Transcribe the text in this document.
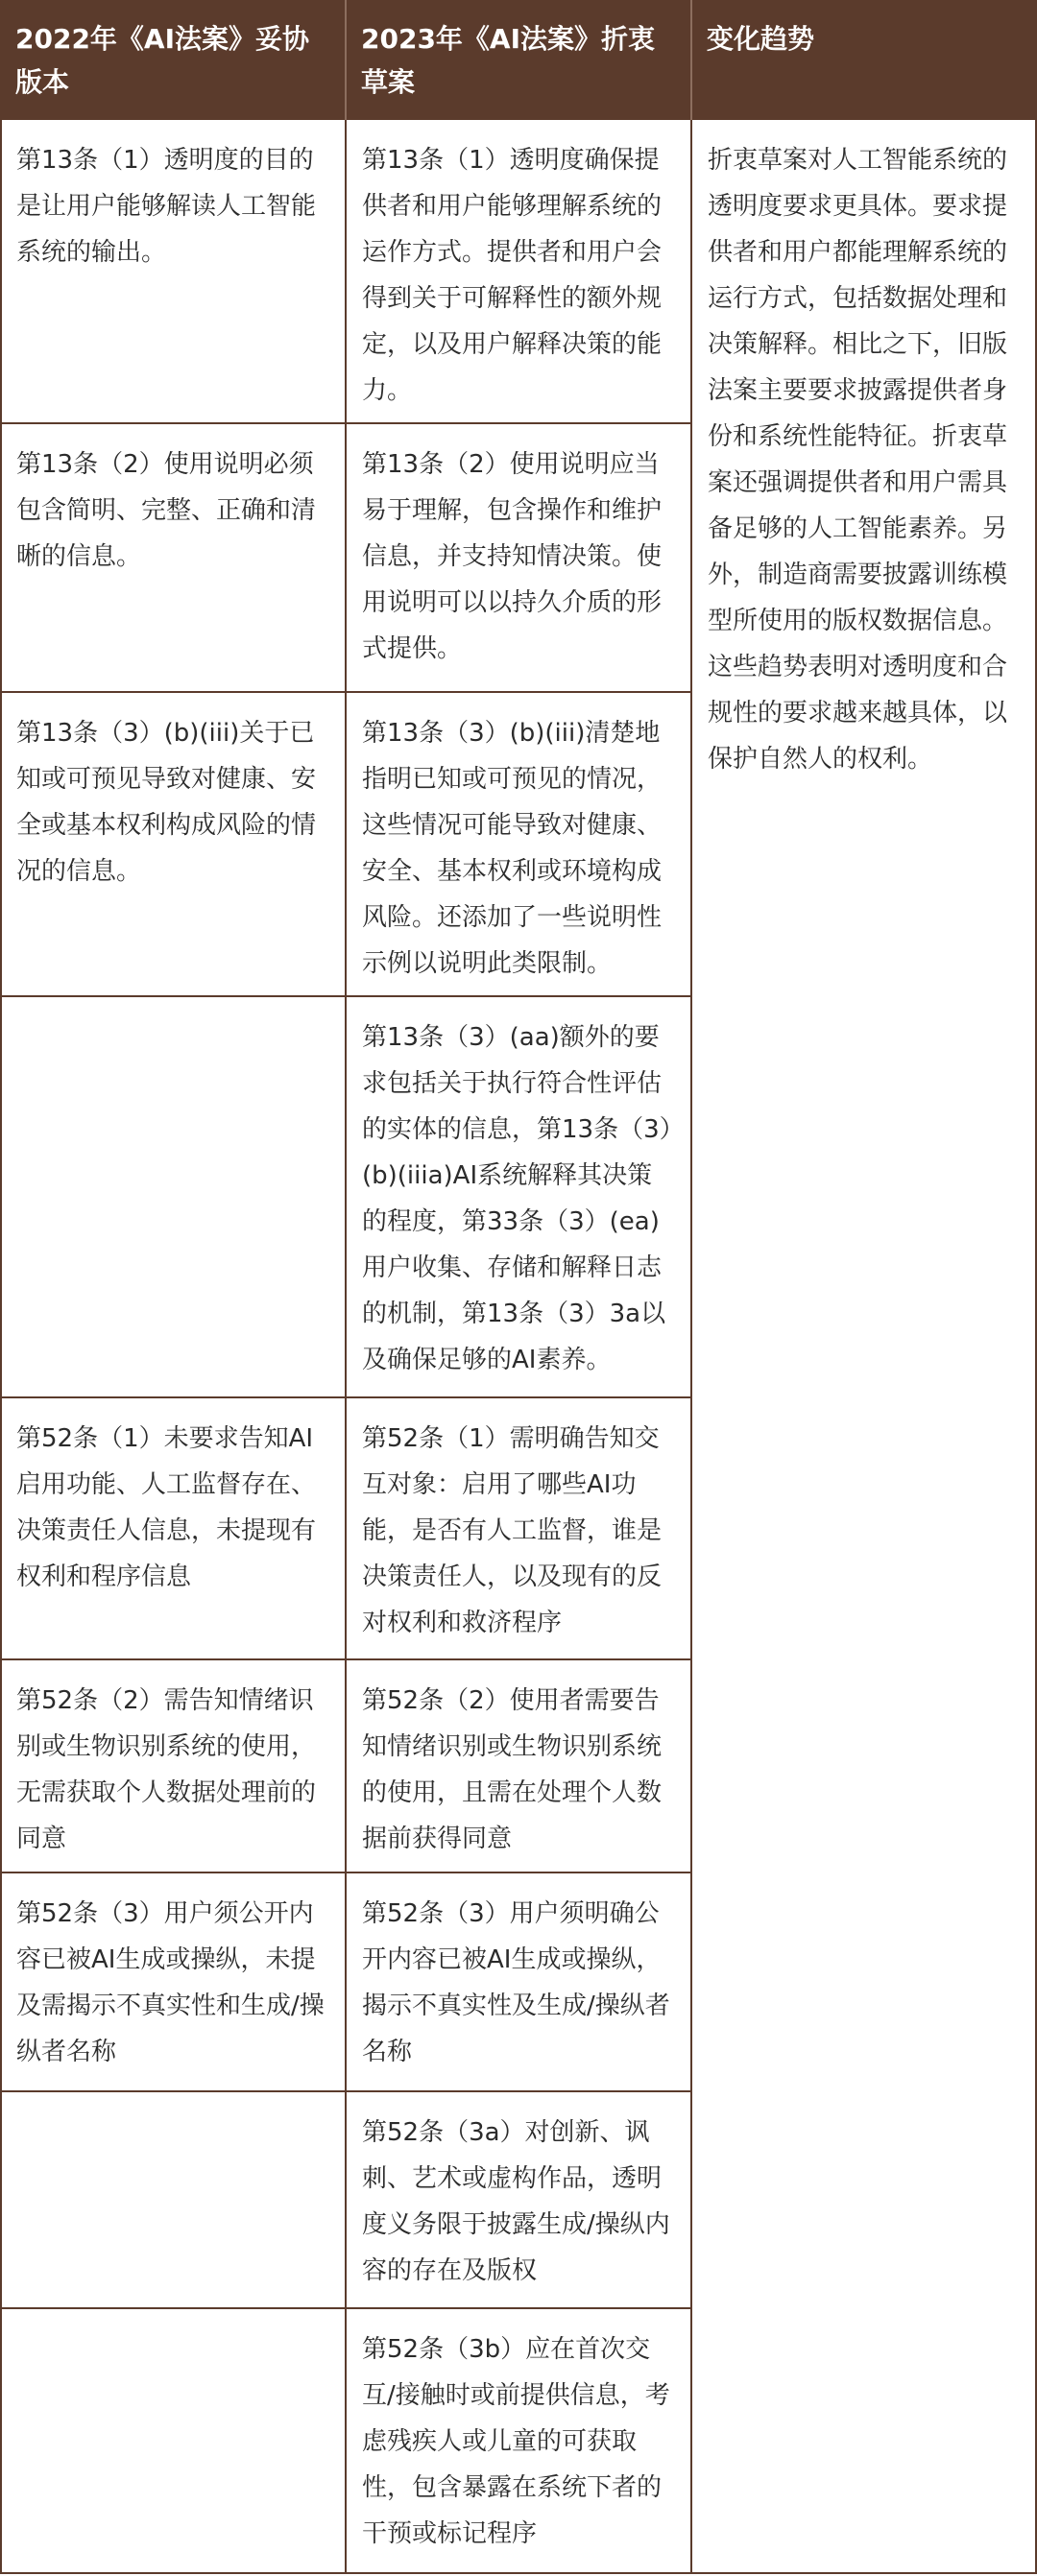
2022年《AI法案》妥协版本
2023年《AI法案》折衷草案
变化趋势
第13条（1）透明度的目的是让用户能够解读人工智能系统的输出。
第13条（1）透明度确保提供者和用户能够理解系统的运作方式。提供者和用户会得到关于可解释性的额外规定，以及用户解释决策的能力。
第13条（2）使用说明必须包含简明、完整、正确和清晰的信息。
第13条（2）使用说明应当易于理解，包含操作和维护信息，并支持知情决策。使用说明可以以持久介质的形式提供。
第13条（3）(b)(iii)关于已知或可预见导致对健康、安全或基本权利构成风险的情况的信息。
第13条（3）(b)(iii)清楚地指明已知或可预见的情况，这些情况可能导致对健康、安全、基本权利或环境构成风险。还添加了一些说明性示例以说明此类限制。
第13条（3）(aa)额外的要求包括关于执行符合性评估的实体的信息，第13条（3）(b)(iiia)AI系统解释其决策的程度，第33条（3）(ea)用户收集、存储和解释日志的机制，第13条（3）3a以及确保足够的AI素养。
第52条（1）未要求告知AI启用功能、人工监督存在、决策责任人信息，未提现有权利和程序信息
第52条（1）需明确告知交互对象：启用了哪些AI功能，是否有人工监督，谁是决策责任人，以及现有的反对权利和救济程序
第52条（2）需告知情绪识别或生物识别系统的使用，无需获取个人数据处理前的同意
第52条（2）使用者需要告知情绪识别或生物识别系统的使用，且需在处理个人数据前获得同意
第52条（3）用户须公开内容已被AI生成或操纵，未提及需揭示不真实性和生成/操纵者名称
第52条（3）用户须明确公开内容已被AI生成或操纵，揭示不真实性及生成/操纵者名称
第52条（3a）对创新、讽刺、艺术或虚构作品，透明度义务限于披露生成/操纵内容的存在及版权
第52条（3b）应在首次交互/接触时或前提供信息，考虑残疾人或儿童的可获取性，包含暴露在系统下者的干预或标记程序
折衷草案对人工智能系统的透明度要求更具体。要求提供者和用户都能理解系统的运行方式，包括数据处理和决策解释。相比之下，旧版法案主要要求披露提供者身份和系统性能特征。折衷草案还强调提供者和用户需具备足够的人工智能素养。另外，制造商需要披露训练模型所使用的版权数据信息。这些趋势表明对透明度和合规性的要求越来越具体，以保护自然人的权利。
